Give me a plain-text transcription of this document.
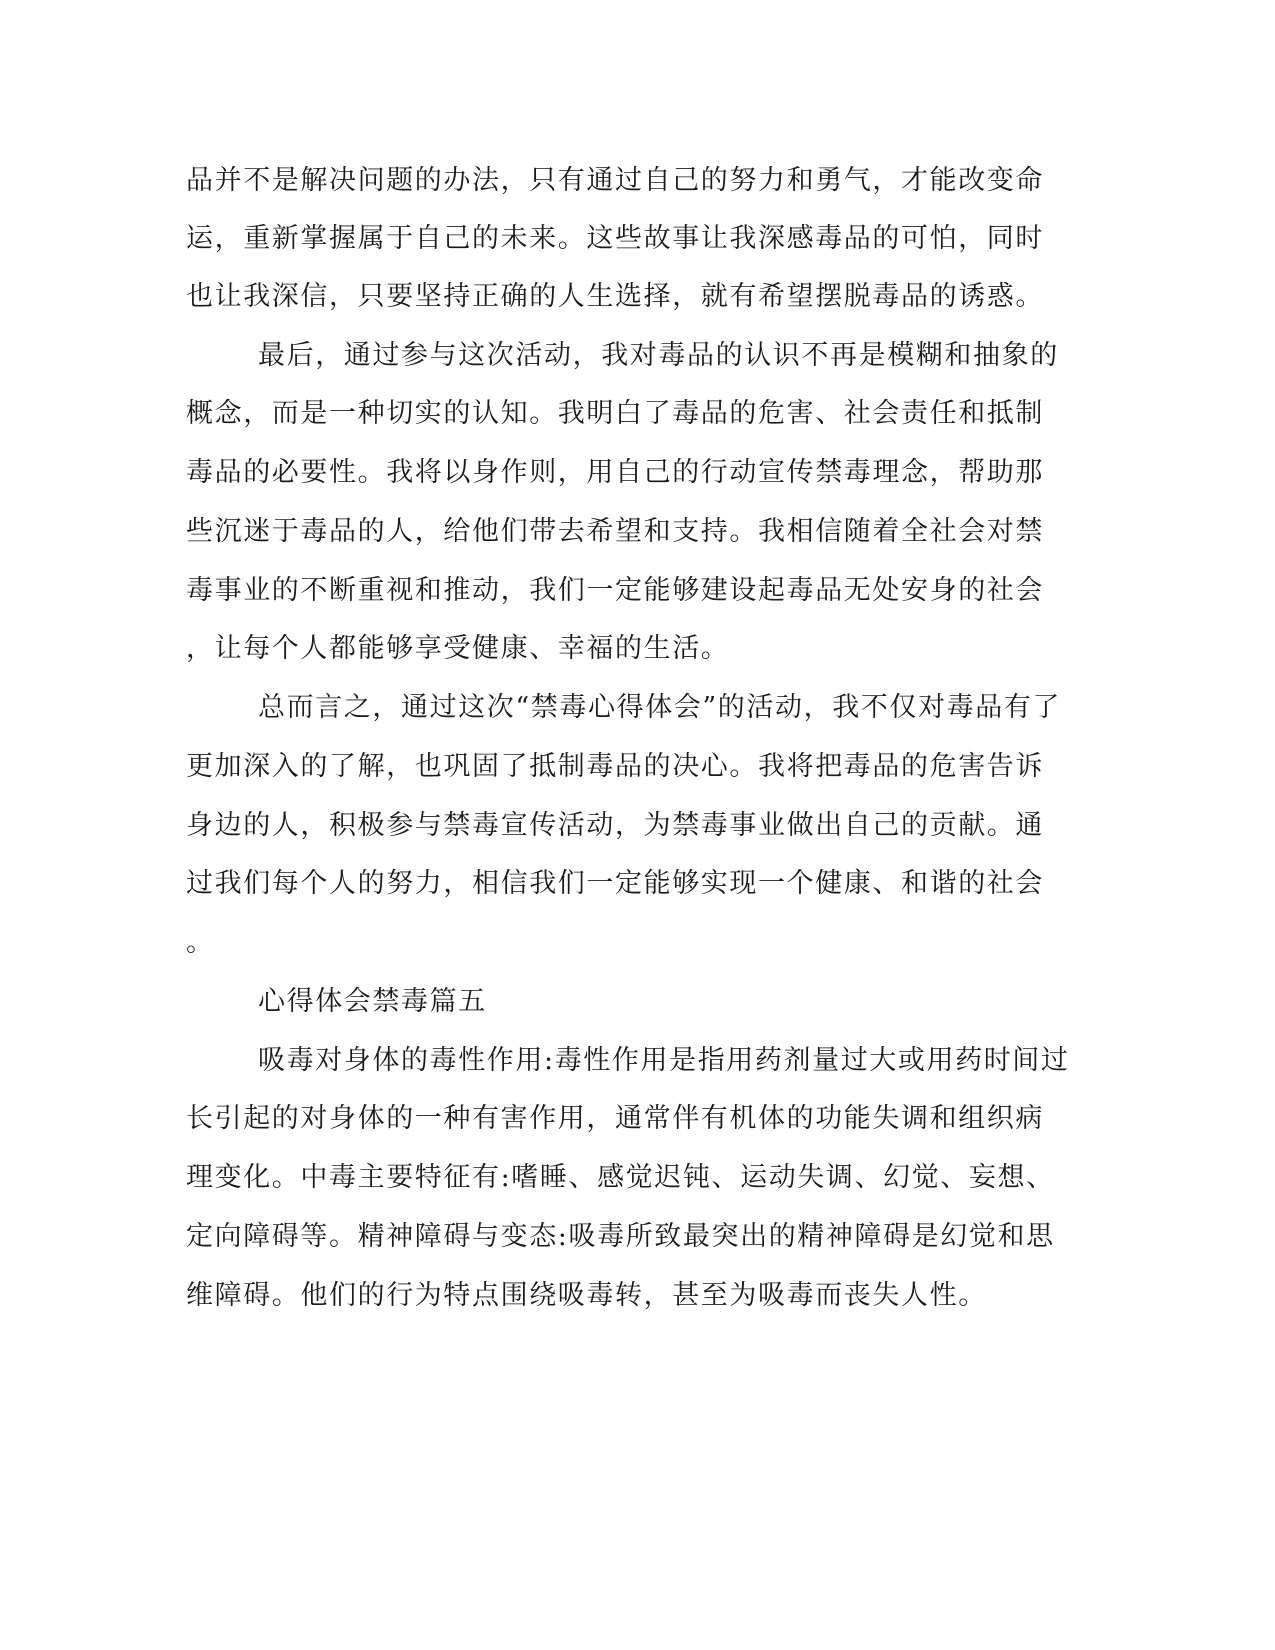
品并不是解决问题的办法，只有通过自己的努力和勇气，才能改变命
运，重新掌握属于自己的未来。这些故事让我深感毒品的可怕，同时
也让我深信，只要坚持正确的人生选择，就有希望摆脱毒品的诱惑。
最后，通过参与这次活动，我对毒品的认识不再是模糊和抽象的
概念，而是一种切实的认知。我明白了毒品的危害、社会责任和抵制
毒品的必要性。我将以身作则，用自己的行动宣传禁毒理念，帮助那
些沉迷于毒品的人，给他们带去希望和支持。我相信随着全社会对禁
毒事业的不断重视和推动，我们一定能够建设起毒品无处安身的社会
，让每个人都能够享受健康、幸福的生活。
总而言之，通过这次“禁毒心得体会”的活动，我不仅对毒品有了
更加深入的了解，也巩固了抵制毒品的决心。我将把毒品的危害告诉
身边的人，积极参与禁毒宣传活动，为禁毒事业做出自己的贡献。通
过我们每个人的努力，相信我们一定能够实现一个健康、和谐的社会
。
心得体会禁毒篇五
吸毒对身体的毒性作用:毒性作用是指用药剂量过大或用药时间过
长引起的对身体的一种有害作用，通常伴有机体的功能失调和组织病
理变化。中毒主要特征有:嗜睡、感觉迟钝、运动失调、幻觉、妄想、
定向障碍等。精神障碍与变态:吸毒所致最突出的精神障碍是幻觉和思
维障碍。他们的行为特点围绕吸毒转，甚至为吸毒而丧失人性。
